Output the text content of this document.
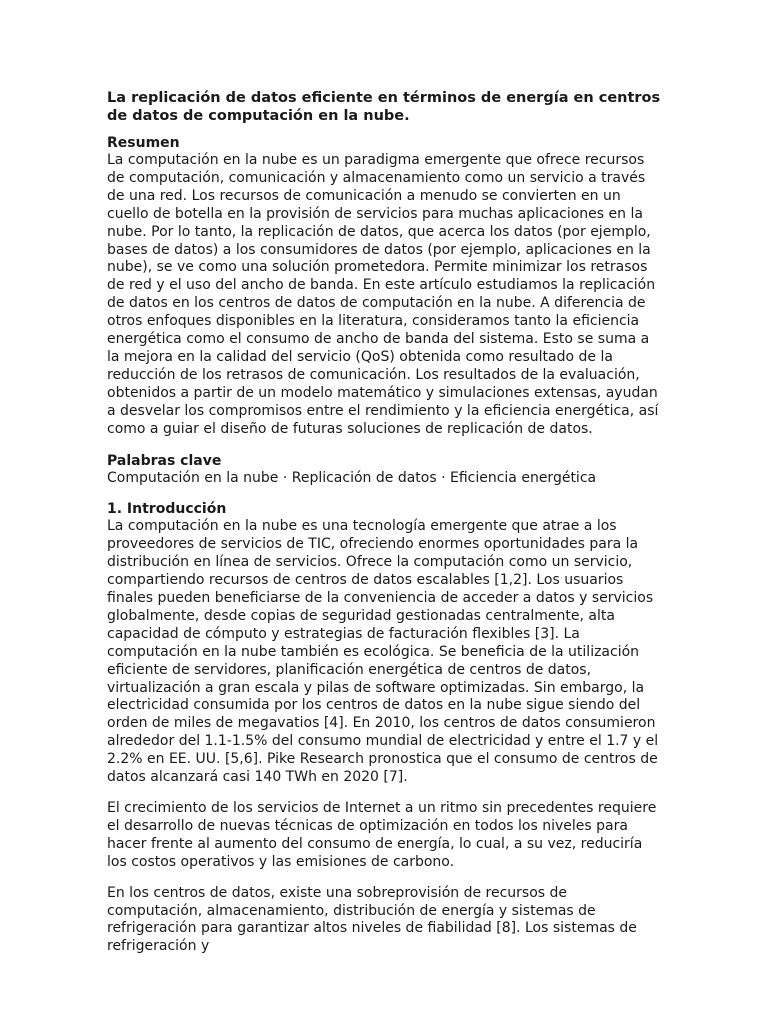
La replicación de datos eficiente en términos de energía en centros de datos de computación en la nube.
Resumen

La computación en la nube es un paradigma emergente que ofrece recursos de computación, comunicación y almacenamiento como un servicio a través de una red. Los recursos de comunicación a menudo se convierten en un cuello de botella en la provisión de servicios para muchas aplicaciones en la nube. Por lo tanto, la replicación de datos, que acerca los datos (por ejemplo, bases de datos) a los consumidores de datos (por ejemplo, aplicaciones en la nube), se ve como una solución prometedora. Permite minimizar los retrasos de red y el uso del ancho de banda. En este artículo estudiamos la replicación de datos en los centros de datos de computación en la nube. A diferencia de otros enfoques disponibles en la literatura, consideramos tanto la eficiencia energética como el consumo de ancho de banda del sistema. Esto se suma a la mejora en la calidad del servicio (QoS) obtenida como resultado de la reducción de los retrasos de comunicación. Los resultados de la evaluación, obtenidos a partir de un modelo matemático y simulaciones extensas, ayudan a desvelar los compromisos entre el rendimiento y la eficiencia energética, así como a guiar el diseño de futuras soluciones de replicación de datos.

Palabras clave

Computación en la nube · Replicación de datos · Eficiencia energética

1. Introducción

La computación en la nube es una tecnología emergente que atrae a los proveedores de servicios de TIC, ofreciendo enormes oportunidades para la distribución en línea de servicios. Ofrece la computación como un servicio, compartiendo recursos de centros de datos escalables [1,2]. Los usuarios finales pueden beneficiarse de la conveniencia de acceder a datos y servicios globalmente, desde copias de seguridad gestionadas centralmente, alta capacidad de cómputo y estrategias de facturación flexibles [3]. La computación en la nube también es ecológica. Se beneficia de la utilización eficiente de servidores, planificación energética de centros de datos, virtualización a gran escala y pilas de software optimizadas. Sin embargo, la electricidad consumida por los centros de datos en la nube sigue siendo del orden de miles de megavatios [4]. En 2010, los centros de datos consumieron alrededor del 1.1-1.5% del consumo mundial de electricidad y entre el 1.7 y el 2.2% en EE. UU. [5,6]. Pike Research pronostica que el consumo de centros de datos alcanzará casi 140 TWh en 2020 [7].

El crecimiento de los servicios de Internet a un ritmo sin precedentes requiere el desarrollo de nuevas técnicas de optimización en todos los niveles para hacer frente al aumento del consumo de energía, lo cual, a su vez, reduciría los costos operativos y las emisiones de carbono.

En los centros de datos, existe una sobreprovisión de recursos de computación, almacenamiento, distribución de energía y sistemas de refrigeración para garantizar altos niveles de fiabilidad [8]. Los sistemas de refrigeración y
